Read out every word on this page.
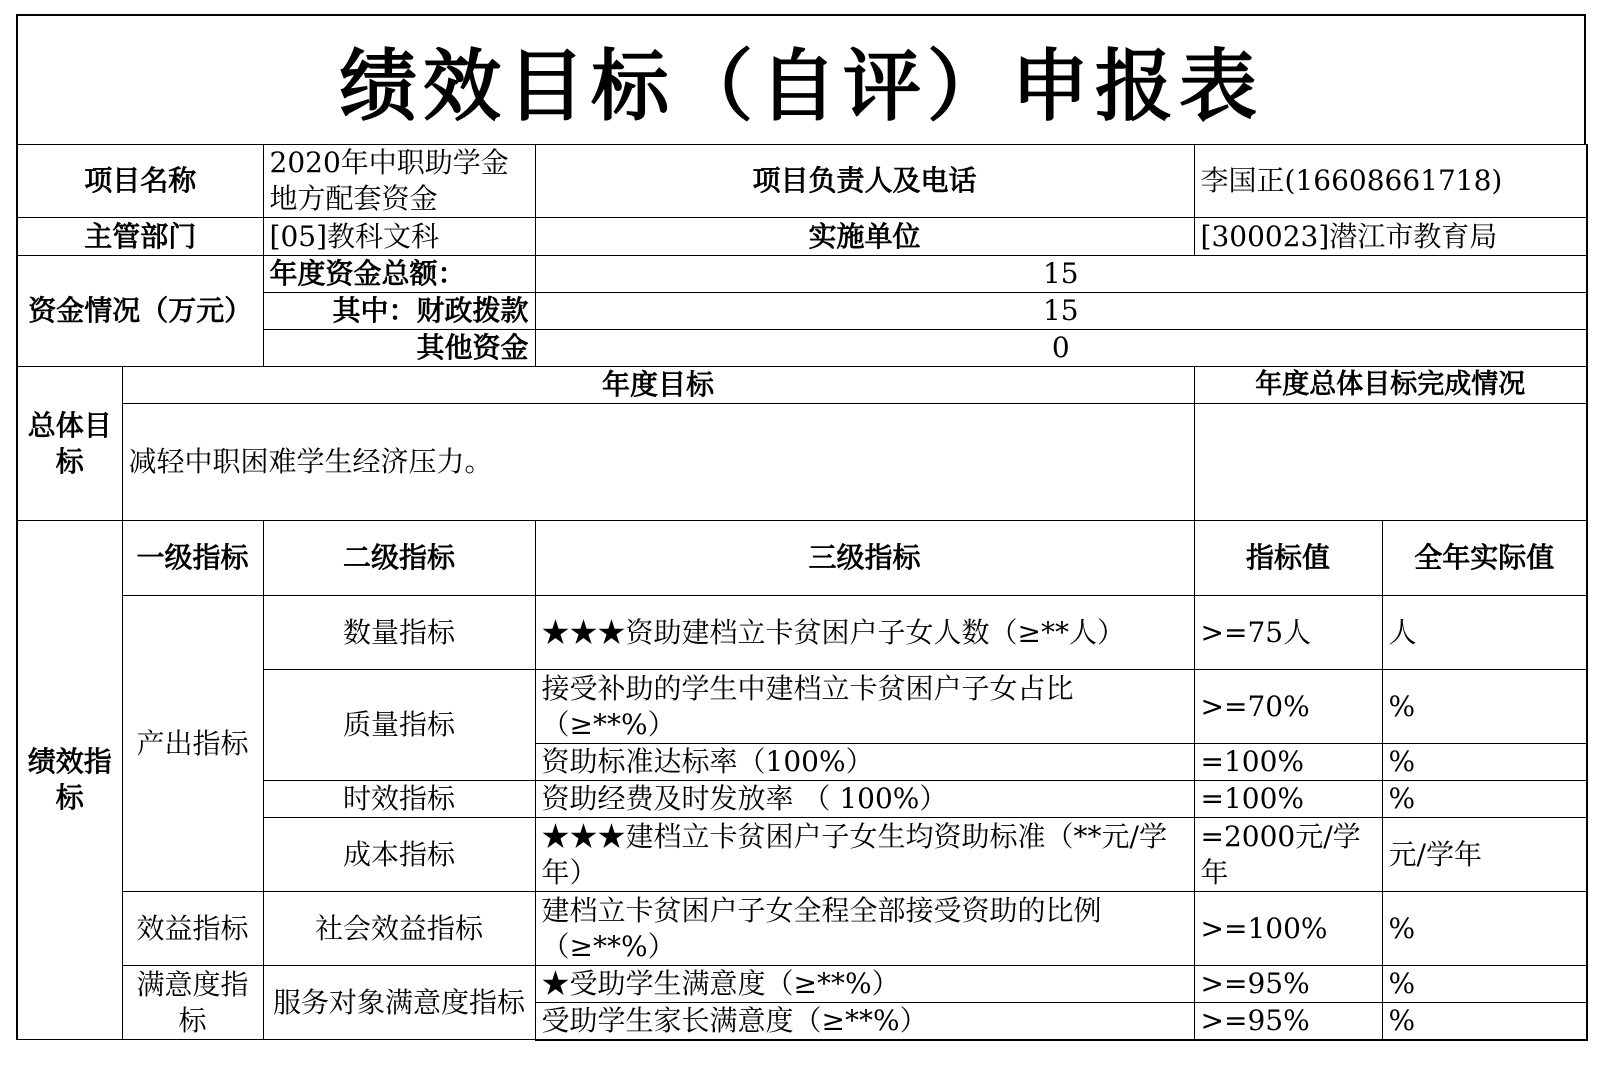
绩效目标（自评）申报表
项目名称		2020年中职助学金地方配套资金	项目负责人及电话	李国正(16608661718)	
主管部门		[05]教科文科	实施单位	[300023]潜江市教育局	
资金情况（万元）		年度资金总额：	15		
		其中：财政拨款	15		
		其他资金	0		
总体目标	年度目标			年度总体目标完成情况	
	减轻中职困难学生经济压力。				
绩效指标	一级指标	二级指标	三级指标	指标值	全年实际值
	产出指标	数量指标	★★★资助建档立卡贫困户子女人数（≥**人）	>=75人	人
		质量指标	接受补助的学生中建档立卡贫困户子女占比（≥**%）	>=70%	%
			资助标准达标率（100%）	=100%	%
		时效指标	资助经费及时发放率 （ 100%）	=100%	%
		成本指标	★★★建档立卡贫困户子女生均资助标准（**元/学年）	=2000元/学年	元/学年
	效益指标	社会效益指标	建档立卡贫困户子女全程全部接受资助的比例（≥**%）	>=100%	%
	满意度指标	服务对象满意度指标	★受助学生满意度（≥**%）	>=95%	%
			受助学生家长满意度（≥**%）	>=95%	%
